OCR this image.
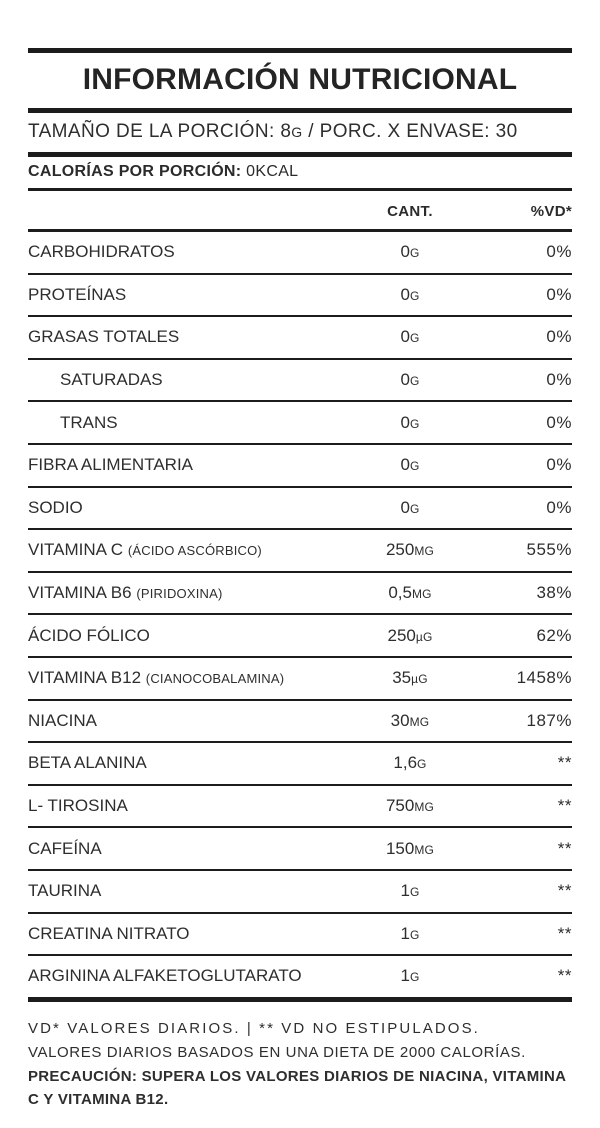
INFORMACIÓN NUTRICIONAL
TAMAÑO DE LA PORCIÓN: 8G / PORC. X ENVASE: 30
CALORÍAS POR PORCIÓN: 0KCAL
CANT.	%VD*
CARBOHIDRATOS	0G	0%
PROTEÍNAS	0G	0%
GRASAS TOTALES	0G	0%
SATURADAS	0G	0%
TRANS	0G	0%
FIBRA ALIMENTARIA	0G	0%
SODIO	0G	0%
VITAMINA C (ÁCIDO ASCÓRBICO)	250MG	555%
VITAMINA B6 (PIRIDOXINA)	0,5MG	38%
ÁCIDO FÓLICO	250µG	62%
VITAMINA B12 (CIANOCOBALAMINA)	35µG	1458%
NIACINA	30MG	187%
BETA ALANINA	1,6G	**
L- TIROSINA	750MG	**
CAFEÍNA	150MG	**
TAURINA	1G	**
CREATINA NITRATO	1G	**
ARGININA ALFAKETOGLUTARATO	1G	**
VD* VALORES DIARIOS. | ** VD NO ESTIPULADOS.
VALORES DIARIOS BASADOS EN UNA DIETA DE 2000 CALORÍAS.
PRECAUCIÓN: SUPERA LOS VALORES DIARIOS DE NIACINA, VITAMINA C Y VITAMINA B12.
